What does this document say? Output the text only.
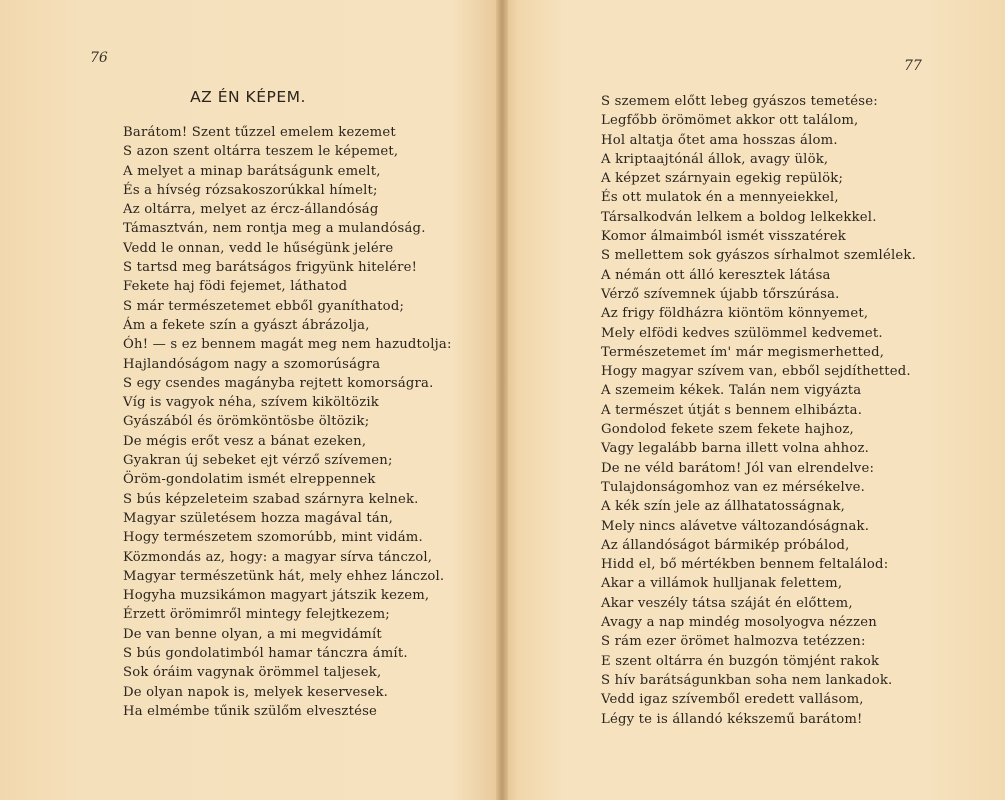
76
AZ ÉN KÉPEM.
Barátom! Szent tűzzel emelem kezemet
S azon szent oltárra teszem le képemet,
A melyet a minap barátságunk emelt,
És a hívség rózsakoszorúkkal hímelt;
Az oltárra, melyet az ércz-állandóság
Támasztván, nem rontja meg a mulandóság.
Vedd le onnan, vedd le hűségünk jelére
S tartsd meg barátságos frigyünk hitelére!
Fekete haj födi fejemet, láthatod
S már természetemet ebből gyaníthatod;
Ám a fekete szín a gyászt ábrázolja,
Óh! — s ez bennem magát meg nem hazudtolja:
Hajlandóságom nagy a szomorúságra
S egy csendes magányba rejtett komorságra.
Víg is vagyok néha, szívem kiköltözik
Gyászából és örömköntösbe öltözik;
De mégis erőt vesz a bánat ezeken,
Gyakran új sebeket ejt vérző szívemen;
Öröm-gondolatim ismét elreppennek
S bús képzeleteim szabad szárnyra kelnek.
Magyar születésem hozza magával tán,
Hogy természetem szomorúbb, mint vidám.
Közmondás az, hogy: a magyar sírva tánczol,
Magyar természetünk hát, mely ehhez lánczol.
Hogyha muzsikámon magyart játszik kezem,
Érzett örömimről mintegy felejtkezem;
De van benne olyan, a mi megvidámít
S bús gondolatimból hamar tánczra ámít.
Sok óráim vagynak örömmel taljesek,
De olyan napok is, melyek keservesek.
Ha elmémbe tűnik szülőm elvesztése
77
S szemem előtt lebeg gyászos temetése:
Legfőbb örömömet akkor ott találom,
Hol altatja őtet ama hosszas álom.
A kriptaajtónál állok, avagy ülök,
A képzet szárnyain egekig repülök;
És ott mulatok én a mennyeiekkel,
Társalkodván lelkem a boldog lelkekkel.
Komor álmaimból ismét visszatérek
S mellettem sok gyászos sírhalmot szemlélek.
A némán ott álló keresztek látása
Vérző szívemnek újabb tőrszúrása.
Az frigy földházra kiöntöm könnyemet,
Mely elfödi kedves szülömmel kedvemet.
Természetemet ím' már megismerhetted,
Hogy magyar szívem van, ebből sejdíthetted.
A szemeim kékek. Talán nem vigyázta
A természet útját s bennem elhibázta.
Gondolod fekete szem fekete hajhoz,
Vagy legalább barna illett volna ahhoz.
De ne véld barátom! Jól van elrendelve:
Tulajdonságomhoz van ez mérsékelve.
A kék szín jele az állhatatosságnak,
Mely nincs alávetve változandóságnak.
Az állandóságot bármikép próbálod,
Hidd el, bő mértékben bennem feltalálod:
Akar a villámok hulljanak felettem,
Akar veszély tátsa száját én előttem,
Avagy a nap mindég mosolyogva nézzen
S rám ezer örömet halmozva tetézzen:
E szent oltárra én buzgón tömjént rakok
S hív barátságunkban soha nem lankadok.
Vedd igaz szívemből eredett vallásom,
Légy te is állandó kékszemű barátom!
